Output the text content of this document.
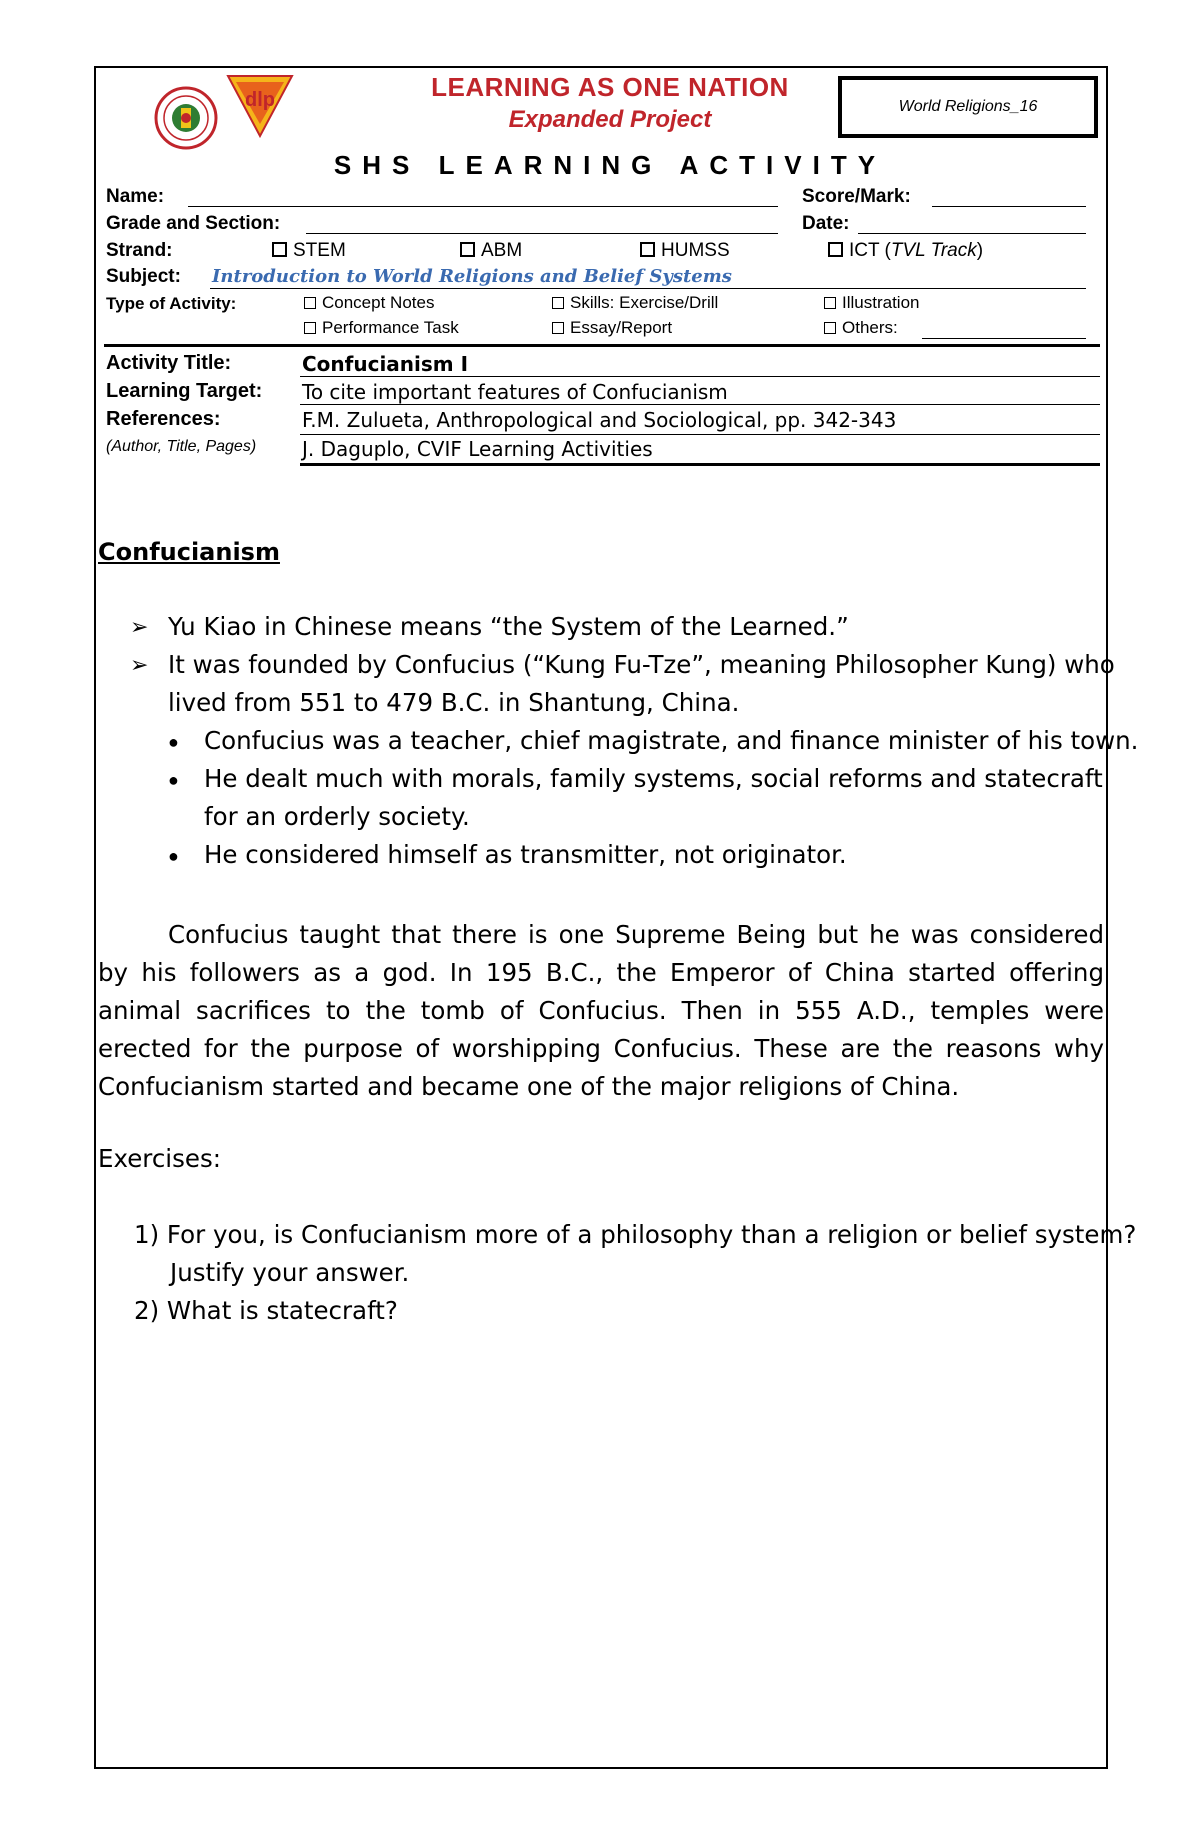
dlp	LEARNING AS ONE NATION
Expanded Project	World Religions_16
SHS LEARNING ACTIVITY
Name:	Score/Mark:
Grade and Section:	Date:
Strand:	STEM	ABM	HUMSS	ICT (TVL Track)
Subject: Introduction to World Religions and Belief Systems
Type of Activity:	Concept Notes	Skills: Exercise/Drill	Illustration
Performance Task	Essay/Report	Others:
Activity Title:	Confucianism I
Learning Target: To cite important features of Confucianism
References:	F.M. Zulueta, Anthropological and Sociological, pp. 342-343
(Author, Title, Pages) J. Daguplo, CVIF Learning Activities
Confucianism
➢ Yu Kiao in Chinese means “the System of the Learned.”
➢ It was founded by Confucius (“Kung Fu-Tze”, meaning Philosopher Kung) who
lived from 551 to 479 B.C. in Shantung, China.
● Confucius was a teacher, chief magistrate, and finance minister of his town.
● He dealt much with morals, family systems, social reforms and statecraft
for an orderly society.
● He considered himself as transmitter, not originator.
Confucius taught that there is one Supreme Being but he was considered by his followers as a god. In 195 B.C., the Emperor of China started offering animal sacrifices to the tomb of Confucius. Then in 555 A.D., temples were erected for the purpose of worshipping Confucius. These are the reasons why Confucianism started and became one of the major religions of China.
Exercises:
1) For you, is Confucianism more of a philosophy than a religion or belief system?
Justify your answer.
2) What is statecraft?
